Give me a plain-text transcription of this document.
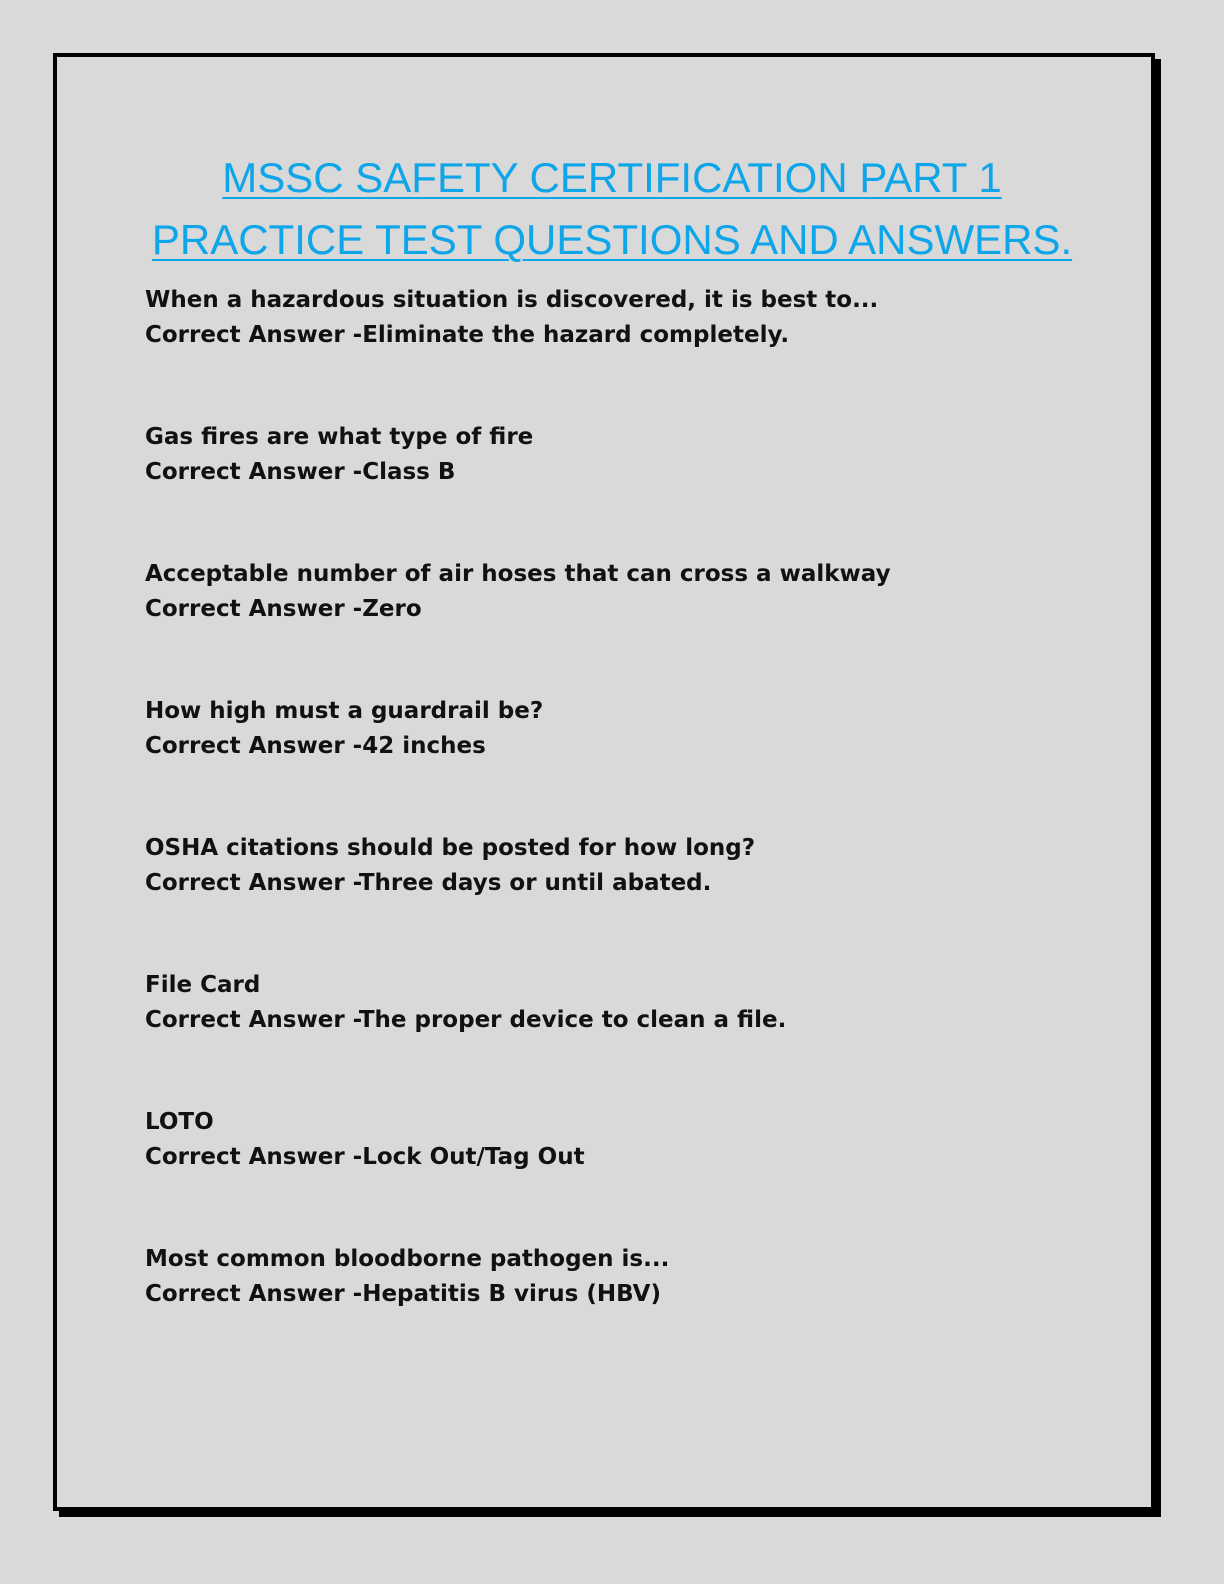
MSSC SAFETY CERTIFICATION PART 1 PRACTICE TEST QUESTIONS AND ANSWERS.
When a hazardous situation is discovered, it is best to...
Correct Answer -Eliminate the hazard completely.
Gas fires are what type of fire
Correct Answer -Class B
Acceptable number of air hoses that can cross a walkway
Correct Answer -Zero
How high must a guardrail be?
Correct Answer -42 inches
OSHA citations should be posted for how long?
Correct Answer -Three days or until abated.
File Card
Correct Answer -The proper device to clean a file.
LOTO
Correct Answer -Lock Out/Tag Out
Most common bloodborne pathogen is...
Correct Answer -Hepatitis B virus (HBV)
